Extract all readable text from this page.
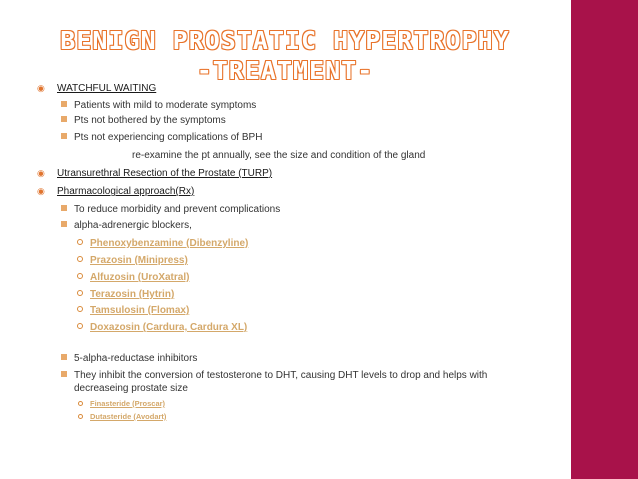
BENIGN PROSTATIC HYPERTROPHY
-TREATMENT-
◉ WATCHFUL WAITING
Patients with mild to moderate symptoms
Pts not bothered by the symptoms
Pts not experiencing complications of BPH
re-examine the pt annually, see the size and condition of the gland
◉ Utransurethral Resection of the Prostate (TURP)
◉ Pharmacological approach(Rx)
To reduce morbidity and prevent complications
alpha-adrenergic blockers,
Phenoxybenzamine (Dibenzyline)
Prazosin (Minipress)
Alfuzosin (UroXatral)
Terazosin (Hytrin)
Tamsulosin (Flomax)
Doxazosin (Cardura, Cardura XL)
5-alpha-reductase inhibitors
They inhibit the conversion of testosterone to DHT, causing DHT levels to drop and helps with decreaseing prostate size
Finasteride (Proscar)
Dutasteride (Avodart)
